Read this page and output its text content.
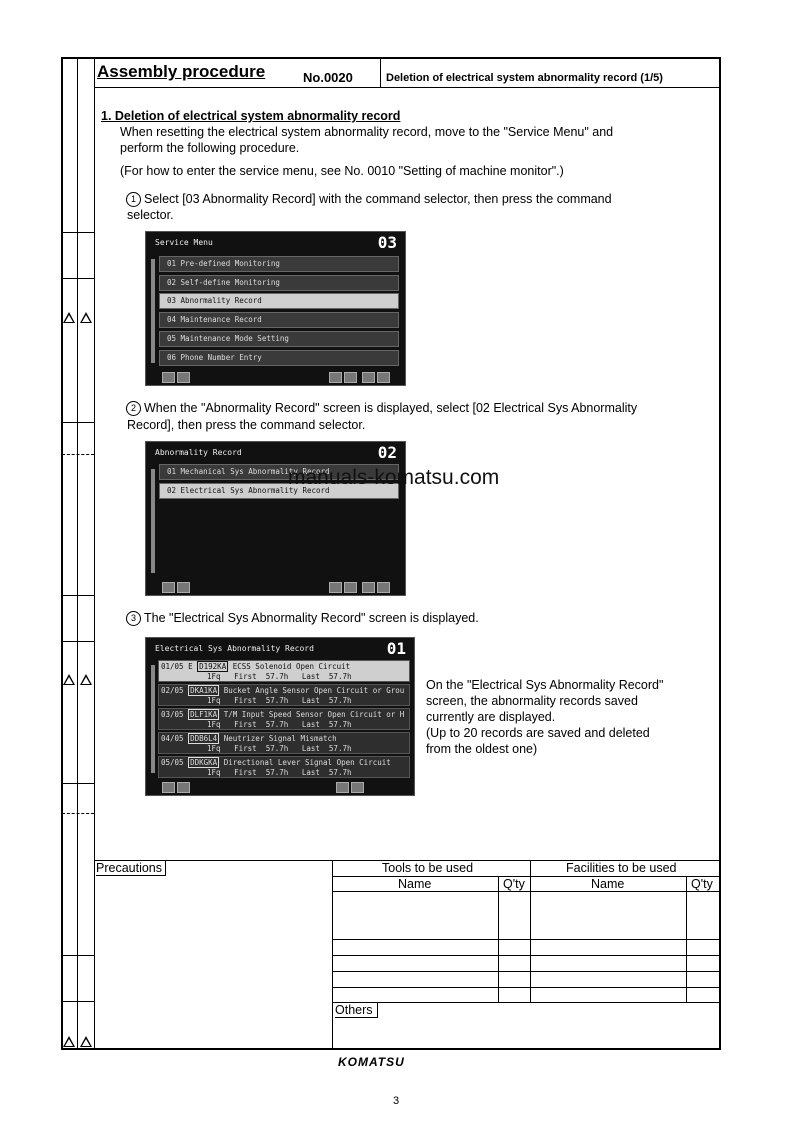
Assembly procedure	No.0020	Deletion of electrical system abnormality record (1/5)
1. Deletion of electrical system abnormality record
When resetting the electrical system abnormality record, move to the "Service Menu" and
perform the following procedure.
(For how to enter the service menu, see No. 0010 "Setting of machine monitor".)
1 Select [03 Abnormality Record] with the command selector, then press the command
selector.
Service Menu	03
01 Pre-defined Monitoring
02 Self-define Monitoring
03 Abnormality Record
04 Maintenance Record
05 Maintenance Mode Setting
06 Phone Number Entry
2 When the "Abnormality Record" screen is displayed, select [02 Electrical Sys Abnormality
Record], then press the command selector.
Abnormality Record	02
01 Mechanical Sys Abnormality Record
02 Electrical Sys Abnormality Record
manuals-komatsu.com
3 The "Electrical Sys Abnormality Record" screen is displayed.
Electrical Sys Abnormality Record	01
01/05 E D192KA ECSS Solenoid Open Circuit
1Fq First 57.7h Last 57.7h
02/05 DKA1KA Bucket Angle Sensor Open Circuit or Grou
1Fq First 57.7h Last 57.7h
03/05 DLF1KA T/M Input Speed Sensor Open Circuit or H
1Fq First 57.7h Last 57.7h
04/05 DDB6L4 Neutrizer Signal Mismatch
1Fq First 57.7h Last 57.7h
05/05 DDKGKA Directional Lever Signal Open Circuit
1Fq First 57.7h Last 57.7h
On the "Electrical Sys Abnormality Record"
screen, the abnormality records saved
currently are displayed.
(Up to 20 records are saved and deleted
from the oldest one)
Precautions	Tools to be used	Facilities to be used
Name	Q'ty	Name	Q'ty
Others
KOMATSU
3
